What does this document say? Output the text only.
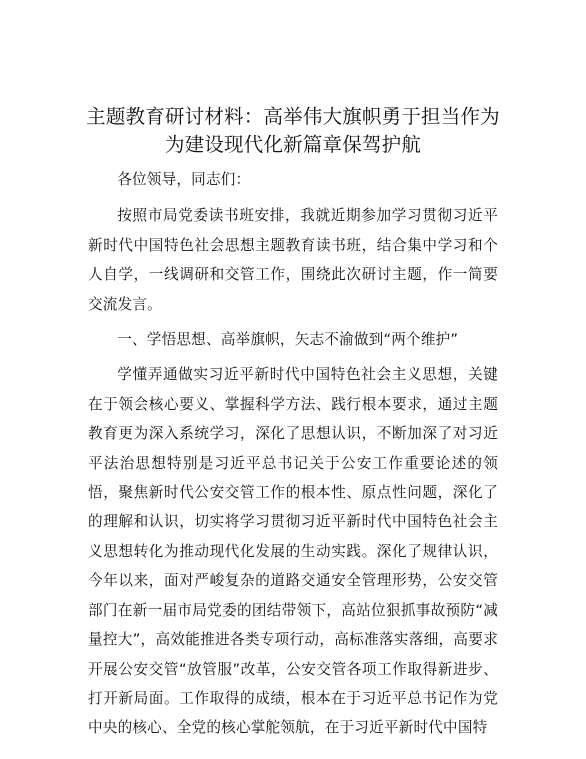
主题教育研讨材料：高举伟大旗帜勇于担当作为
为建设现代化新篇章保驾护航

各位领导，同志们：

按照市局党委读书班安排，我就近期参加学习贯彻习近平新时代中国特色社会思想主题教育读书班，结合集中学习和个人自学，一线调研和交管工作，围绕此次研讨主题，作一简要交流发言。

一、学悟思想、高举旗帜，矢志不渝做到“两个维护”

学懂弄通做实习近平新时代中国特色社会主义思想，关键在于领会核心要义、掌握科学方法、践行根本要求，通过主题教育更为深入系统学习，深化了思想认识，不断加深了对习近平法治思想特别是习近平总书记关于公安工作重要论述的领悟，聚焦新时代公安交管工作的根本性、原点性问题，深化了的理解和认识，切实将学习贯彻习近平新时代中国特色社会主义思想转化为推动现代化发展的生动实践。深化了规律认识，今年以来，面对严峻复杂的道路交通安全管理形势，公安交管部门在新一届市局党委的团结带领下，高站位狠抓事故预防“减量控大”，高效能推进各类专项行动，高标准落实落细，高要求开展公安交管“放管服”改革，公安交管各项工作取得新进步、打开新局面。工作取得的成绩，根本在于习近平总书记作为党中央的核心、全党的核心掌舵领航，在于习近平新时代中国特
